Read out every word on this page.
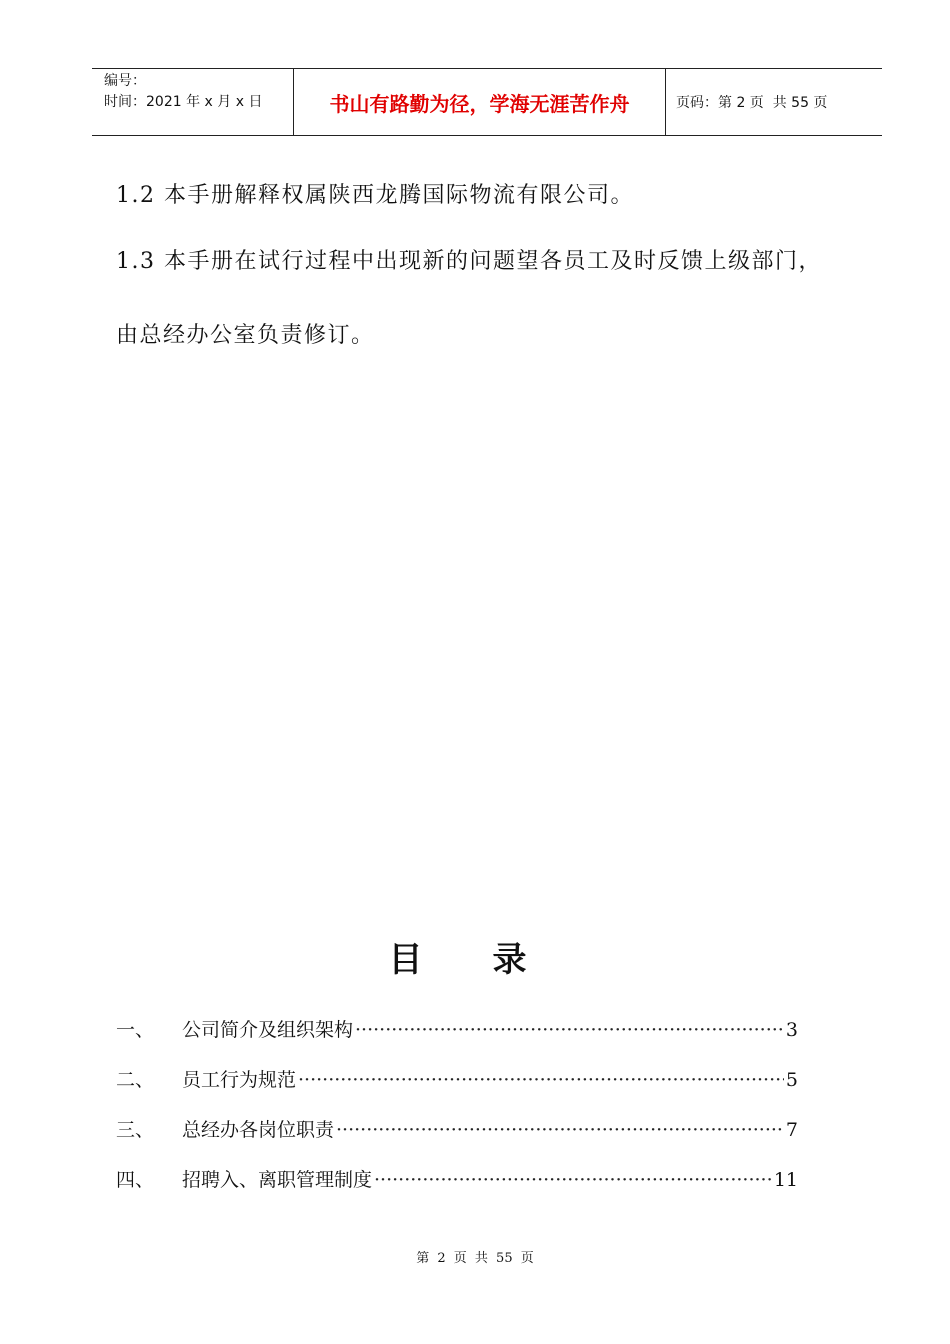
编号：
时间：2021 年 x 月 x 日	书山有路勤为径，学海无涯苦作舟	页码：第 2 页  共 55 页
1.2 本手册解释权属陕西龙腾国际物流有限公司。
1.3 本手册在试行过程中出现新的问题望各员工及时反馈上级部门，
由总经办公室负责修订。
目录
一、 公司简介及组织架构 ·····	3
二、 员工行为规范 ·····	5
三、 总经办各岗位职责 ·····	7
四、 招聘入、离职管理制度 ·····	11
第 2 页 共 55 页
